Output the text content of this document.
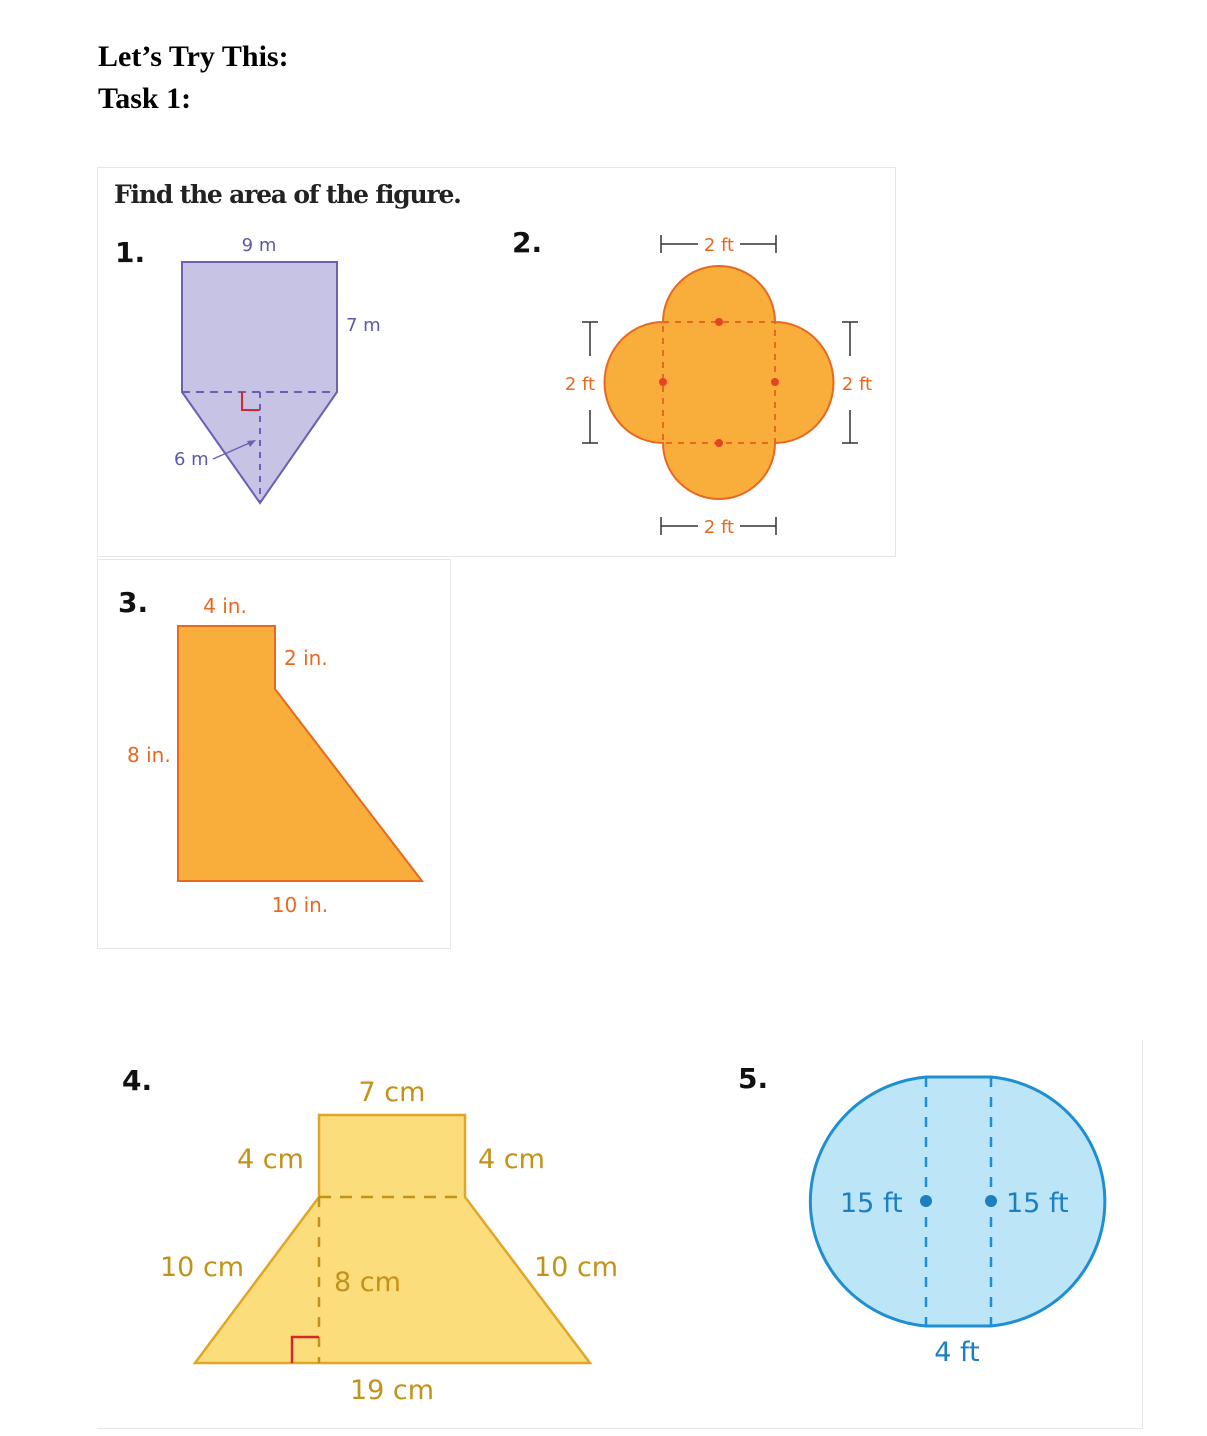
Let’s Try This:
Task 1:
Find the area of the figure.
1.	2.
3.
4.	5.
9 m
7 m
6 m
2 ft
2 ft
2 ft	2 ft
4 in.
2 in.
8 in.
10 in.
7 cm
4 cm	4 cm
10 cm	10 cm
8 cm
19 cm
15 ft	15 ft
4 ft
